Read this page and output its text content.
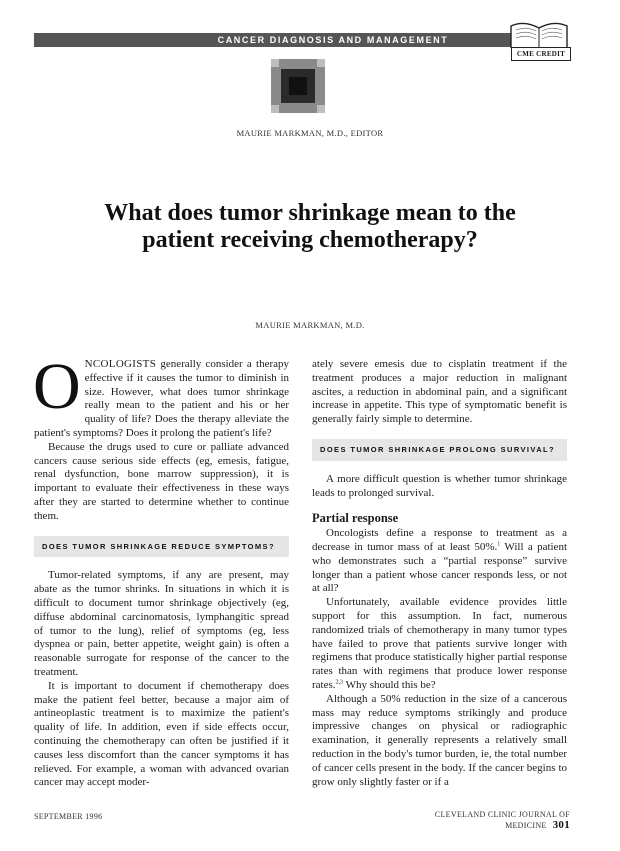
CANCER DIAGNOSIS AND MANAGEMENT
CME CREDIT
MAURIE MARKMAN, M.D., EDITOR
What does tumor shrinkage mean to the patient receiving chemotherapy?
MAURIE MARKMAN, M.D.

ONCOLOGISTS generally consider a therapy effective if it causes the tumor to diminish in size. However, what does tumor shrinkage really mean to the patient and his or her quality of life? Does the therapy alleviate the patient's symptoms? Does it prolong the patient's life?

Because the drugs used to cure or palliate advanced cancers cause serious side effects (eg, emesis, fatigue, renal dysfunction, bone marrow suppression), it is important to evaluate their effectiveness in these ways after they are started to determine whether to continue them.

DOES TUMOR SHRINKAGE REDUCE SYMPTOMS?

Tumor-related symptoms, if any are present, may abate as the tumor shrinks. In situations in which it is difficult to document tumor shrinkage objectively (eg, diffuse abdominal carcinomatosis, lymphangitic spread of tumor to the lung), relief of symptoms (eg, less dyspnea or pain, better appetite, weight gain) is often a reasonable surrogate for response of the cancer to the treatment.

It is important to document if chemotherapy does make the patient feel better, because a major aim of antineoplastic treatment is to maximize the patient's quality of life. In addition, even if side effects occur, continuing the chemotherapy can often be justified if it causes less discomfort than the cancer symptoms it has relieved. For example, a woman with advanced ovarian cancer may accept moder-

ately severe emesis due to cisplatin treatment if the treatment produces a major reduction in malignant ascites, a reduction in abdominal pain, and a significant increase in appetite. This type of symptomatic benefit is generally fairly simple to determine.

DOES TUMOR SHRINKAGE PROLONG SURVIVAL?

A more difficult question is whether tumor shrinkage leads to prolonged survival.

Partial response

Oncologists define a response to treatment as a decrease in tumor mass of at least 50%.$^1$ Will a patient who demonstrates such a “partial response” survive longer than a patient whose cancer responds less, or not at all?

Unfortunately, available evidence provides little support for this assumption. In fact, numerous randomized trials of chemotherapy in many tumor types have failed to prove that patients survive longer with regimens that produce statistically higher partial response rates than with regimens that produce lower response rates.$^{2,3}$ Why should this be?

Although a 50% reduction in the size of a cancerous mass may reduce symptoms strikingly and produce impressive changes on physical or radiographic examination, it generally represents a relatively small reduction in the body's tumor burden, ie, the total number of cancer cells present in the body. If the cancer begins to grow only slightly faster or if a

SEPTEMBER 1996	CLEVELAND CLINIC JOURNAL OF MEDICINE 301
